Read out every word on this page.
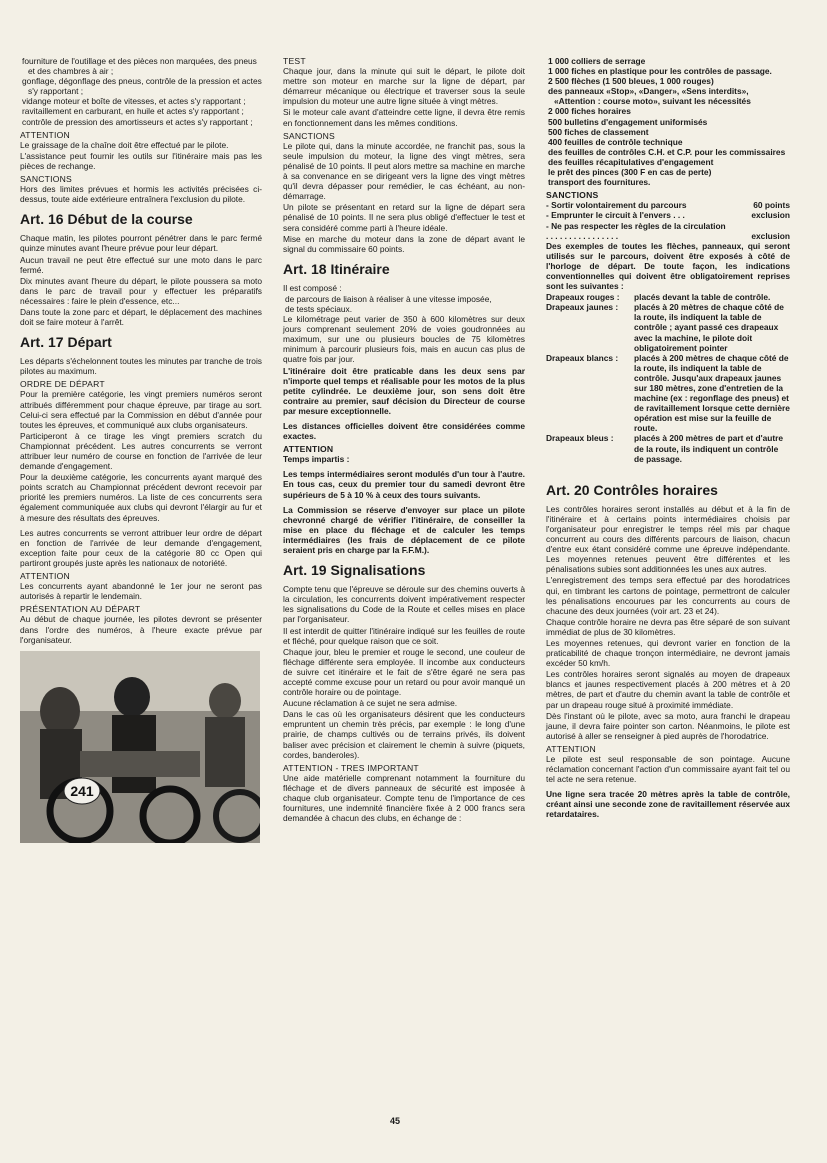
fourniture de l'outillage et des pièces non marquées, des pneus et des chambres à air ;

gonflage, dégonflage des pneus, contrôle de la pression et actes s'y rapportant ;

vidange moteur et boîte de vitesses, et actes s'y rapportant ;

ravitaillement en carburant, en huile et actes s'y rapportant ;

contrôle de pression des amortisseurs et actes s'y rapportant ;

ATTENTION

Le graissage de la chaîne doit être effectué par le pilote.

L'assistance peut fournir les outils sur l'itinéraire mais pas les pièces de rechange.

SANCTIONS

Hors des limites prévues et hormis les activités précisées ci-dessus, toute aide extérieure entraînera l'exclusion du pilote.

Art. 16 Début de la course

Chaque matin, les pilotes pourront pénétrer dans le parc fermé quinze minutes avant l'heure prévue pour leur départ.

Aucun travail ne peut être effectué sur une moto dans le parc fermé.

Dix minutes avant l'heure du départ, le pilote poussera sa moto dans le parc de travail pour y effectuer les préparatifs nécessaires : faire le plein d'essence, etc...

Dans toute la zone parc et départ, le déplacement des machines doit se faire moteur à l'arrêt.

Art. 17 Départ

Les départs s'échelonnent toutes les minutes par tranche de trois pilotes au maximum.

ORDRE DE DÉPART

Pour la première catégorie, les vingt premiers numéros seront attribués différemment pour chaque épreuve, par tirage au sort. Celui-ci sera effectué par la Commission en début d'année pour toutes les épreuves, et communiqué aux clubs organisateurs.

Participeront à ce tirage les vingt premiers scratch du Championnat précédent. Les autres concurrents se verront attribuer leur numéro de course en fonction de l'arrivée de leur demande d'engagement.

Pour la deuxième catégorie, les concurrents ayant marqué des points scratch au Championnat précédent devront recevoir par priorité les premiers numéros. La liste de ces concurrents sera également communiquée aux clubs qui devront l'élargir au fur et à mesure des résultats des épreuves.

Les autres concurrents se verront attribuer leur ordre de départ en fonction de l'arrivée de leur demande d'engagement, exception faite pour ceux de la catégorie 80 cc Open qui partiront groupés juste après les nationaux de notoriété.

ATTENTION

Les concurrents ayant abandonné le 1er jour ne seront pas autorisés à repartir le lendemain.

PRÉSENTATION AU DÉPART

Au début de chaque journée, les pilotes devront se présenter dans l'ordre des numéros, à l'heure exacte prévue par l'organisateur.

241

TEST

Chaque jour, dans la minute qui suit le départ, le pilote doit mettre son moteur en marche sur la ligne de départ, par démarreur mécanique ou électrique et traverser sous la seule impulsion du moteur une autre ligne située à vingt mètres.

Si le moteur cale avant d'atteindre cette ligne, il devra être remis en fonctionnement dans les mêmes conditions.

SANCTIONS

Le pilote qui, dans la minute accordée, ne franchit pas, sous la seule impulsion du moteur, la ligne des vingt mètres, sera pénalisé de 10 points. Il peut alors mettre sa machine en marche à sa convenance en se dirigeant vers la ligne des vingt mètres qu'il devra dépasser pour remédier, le cas échéant, au non-démarrage.

Un pilote se présentant en retard sur la ligne de départ sera pénalisé de 10 points. Il ne sera plus obligé d'effectuer le test et sera considéré comme parti à l'heure idéale.

Mise en marche du moteur dans la zone de départ avant le signal du commissaire 60 points.

Art. 18 Itinéraire

Il est composé :

de parcours de liaison à réaliser à une vitesse imposée,

de tests spéciaux.

Le kilométrage peut varier de 350 à 600 kilomètres sur deux jours comprenant seulement 20% de voies goudronnées au maximum, sur une ou plusieurs boucles de 75 kilomètres minimum à parcourir plusieurs fois, mais en aucun cas plus de quatre fois par jour.

L'itinéraire doit être praticable dans les deux sens par n'importe quel temps et réalisable pour les motos de la plus petite cylindrée. Le deuxième jour, son sens doit être contraire au premier, sauf décision du Directeur de course par mesure exceptionnelle.

Les distances officielles doivent être considérées comme exactes.

ATTENTION

Temps impartis :

Les temps intermédiaires seront modulés d'un tour à l'autre. En tous cas, ceux du premier tour du samedi devront être supérieurs de 5 à 10 % à ceux des tours suivants.

La Commission se réserve d'envoyer sur place un pilote chevronné chargé de vérifier l'itinéraire, de conseiller la mise en place du fléchage et de calculer les temps intermédiaires (les frais de déplacement de ce pilote seraient pris en charge par la F.F.M.).

Art. 19 Signalisations

Compte tenu que l'épreuve se déroule sur des chemins ouverts à la circulation, les concurrents doivent impérativement respecter les signalisations du Code de la Route et celles mises en place par l'organisateur.

Il est interdit de quitter l'itinéraire indiqué sur les feuilles de route et fléché, pour quelque raison que ce soit.

Chaque jour, bleu le premier et rouge le second, une couleur de fléchage différente sera employée. Il incombe aux conducteurs de suivre cet itinéraire et le fait de s'être égaré ne sera pas accepté comme excuse pour un retard ou pour avoir manqué un contrôle horaire ou de pointage.

Aucune réclamation à ce sujet ne sera admise.

Dans le cas où les organisateurs désirent que les conducteurs empruntent un chemin très précis, par exemple : le long d'une prairie, de champs cultivés ou de terrains privés, ils doivent baliser avec précision et clairement le chemin à suivre (piquets, cordes, banderoles).

ATTENTION - TRES IMPORTANT

Une aide matérielle comprenant notamment la fourniture du fléchage et de divers panneaux de sécurité est imposée à chaque club organisateur. Compte tenu de l'importance de ces fournitures, une indemnité financière fixée à 2 000 francs sera demandée à chacun des clubs, en échange de :

1 000 colliers de serrage

1 000 fiches en plastique pour les contrôles de passage.

2 500 flèches (1 500 bleues, 1 000 rouges)

des panneaux «Stop», «Danger», «Sens interdits», «Attention : course moto», suivant les nécessités

2 000 fiches horaires

500 bulletins d'engagement uniformisés

500 fiches de classement

400 feuilles de contrôle technique

des feuilles de contrôles C.H. et C.P. pour les commissaires

des feuilles récapitulatives d'engagement

le prêt des pinces (300 F en cas de perte)

transport des fournitures.

SANCTIONS

- Sortir volontairement du parcours	60 points
- Emprunter le circuit à l'envers . . .	exclusion
- Ne pas respecter les règles de la circulation . . . . . . . . . . . . . . . .	exclusion

Des exemples de toutes les flèches, panneaux, qui seront utilisés sur le parcours, doivent être exposés à côté de l'horloge de départ. De toute façon, les indications conventionnelles qui doivent être obligatoirement reprises sont les suivantes :

Drapeaux rouges :	placés devant la table de contrôle.
Drapeaux jaunes :	placés à 20 mètres de chaque côté de la route, ils indiquent la table de contrôle ; ayant passé ces drapeaux avec la machine, le pilote doit obligatoirement pointer
Drapeaux blancs :	placés à 200 mètres de chaque côté de la route, ils indiquent la table de contrôle. Jusqu'aux drapeaux jaunes sur 180 mètres, zone d'entretien de la machine (ex : regonflage des pneus) et de ravitaillement lorsque cette dernière opération est mise sur la feuille de route.
Drapeaux bleus :	placés à 200 mètres de part et d'autre de la route, ils indiquent un contrôle de passage.
Art. 20 Contrôles horaires

Les contrôles horaires seront installés au début et à la fin de l'itinéraire et à certains points intermédiaires choisis par l'organisateur pour enregistrer le temps réel mis par chaque concurrent au cours des différents parcours de liaison, chacun d'entre eux étant considéré comme une épreuve indépendante. Les moyennes retenues peuvent être différentes et les pénalisations subies sont additionnées les unes aux autres.

L'enregistrement des temps sera effectué par des horodatrices qui, en timbrant les cartons de pointage, permettront de calculer les pénalisations encourues par les concurrents au cours de chacune des deux journées (voir art. 23 et 24).

Chaque contrôle horaire ne devra pas être séparé de son suivant immédiat de plus de 30 kilomètres.

Les moyennes retenues, qui devront varier en fonction de la praticabilité de chaque tronçon intermédiaire, ne devront jamais excéder 50 km/h.

Les contrôles horaires seront signalés au moyen de drapeaux blancs et jaunes respectivement placés à 200 mètres et à 20 mètres, de part et d'autre du chemin avant la table de contrôle et par un drapeau rouge situé à proximité immédiate.

Dès l'instant où le pilote, avec sa moto, aura franchi le drapeau jaune, il devra faire pointer son carton. Néanmoins, le pilote est autorisé à aller se renseigner à pied auprès de l'horodatrice.

ATTENTION

Le pilote est seul responsable de son pointage. Aucune réclamation concernant l'action d'un commissaire ayant fait tel ou tel acte ne sera retenue.

Une ligne sera tracée 20 mètres après la table de contrôle, créant ainsi une seconde zone de ravitaillement réservée aux retardataires.

45
